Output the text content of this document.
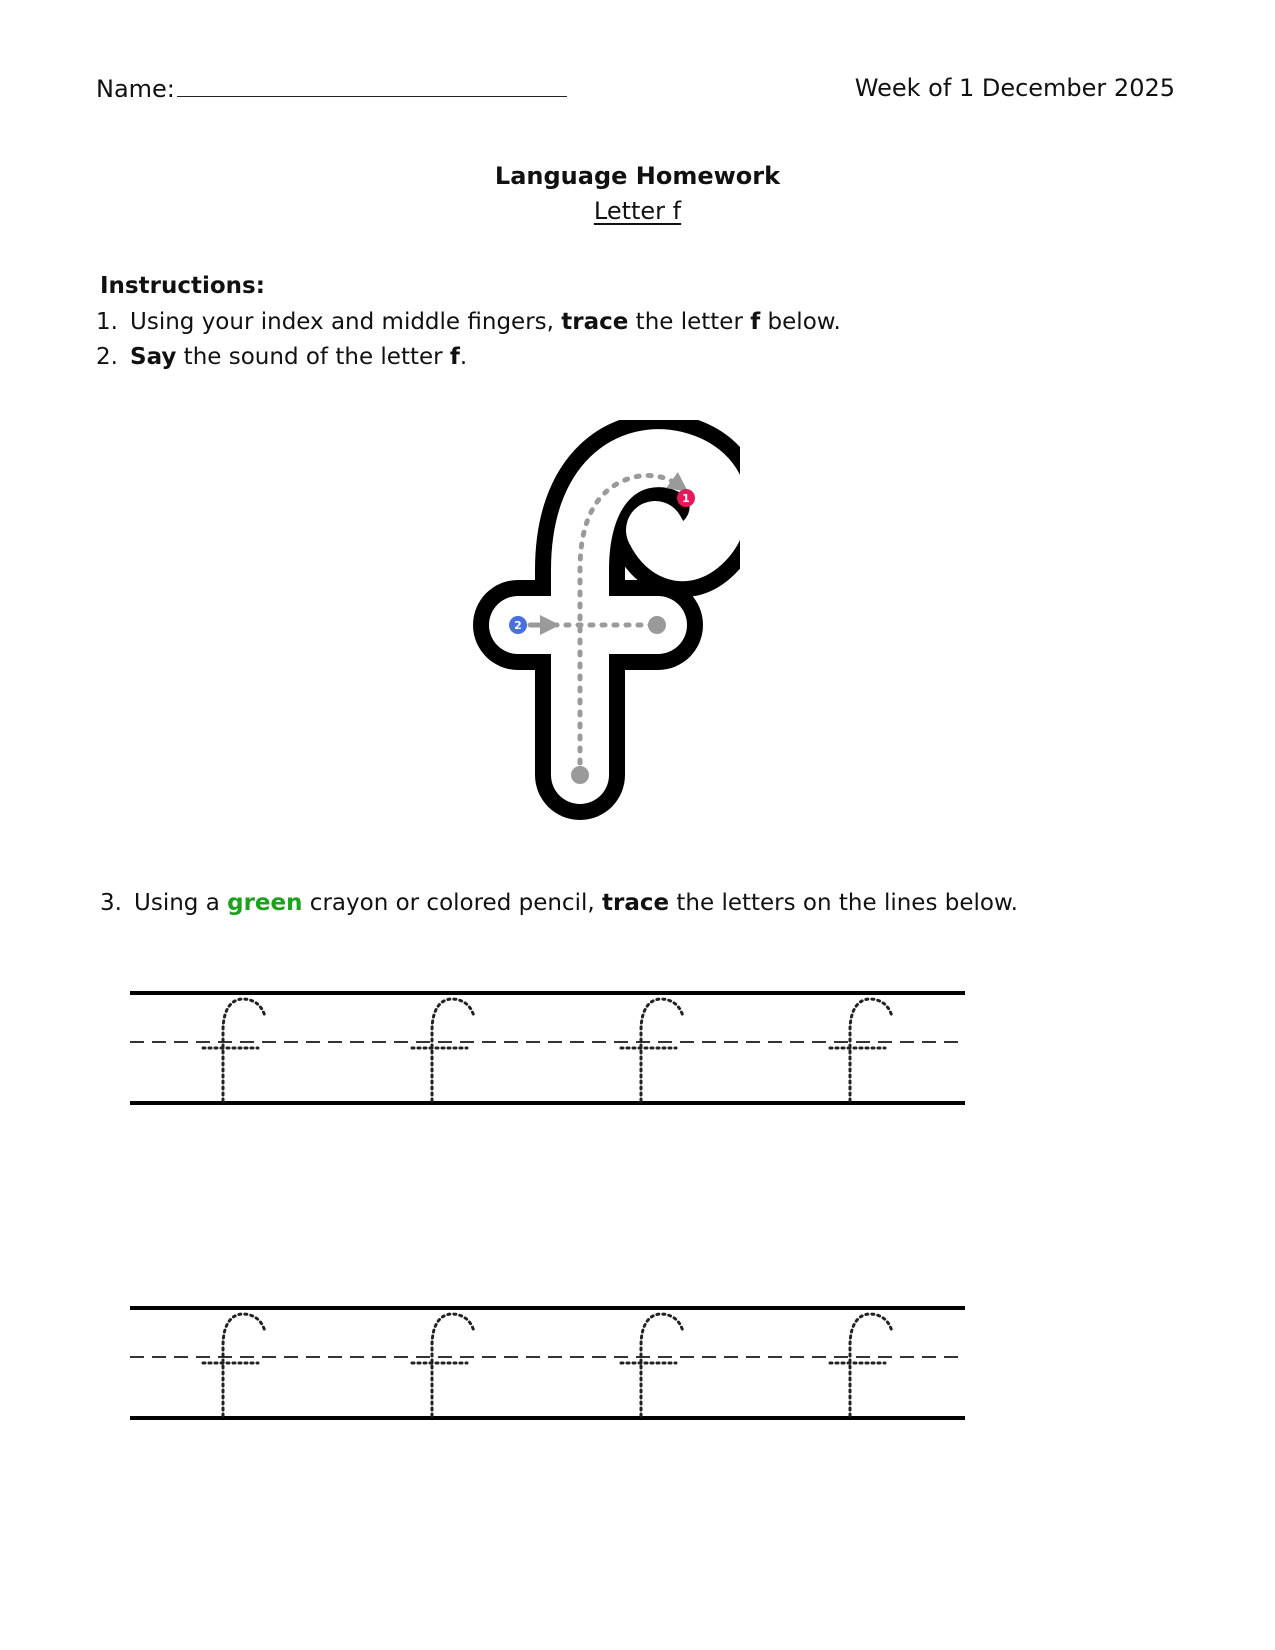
Name:	Week of 1 December 2025
Language Homework
Letter f
Instructions:
1. Using your index and middle fingers, trace the letter f below.
2. Say the sound of the letter f.
1
2
3. Using a green crayon or colored pencil, trace the letters on the lines below.
